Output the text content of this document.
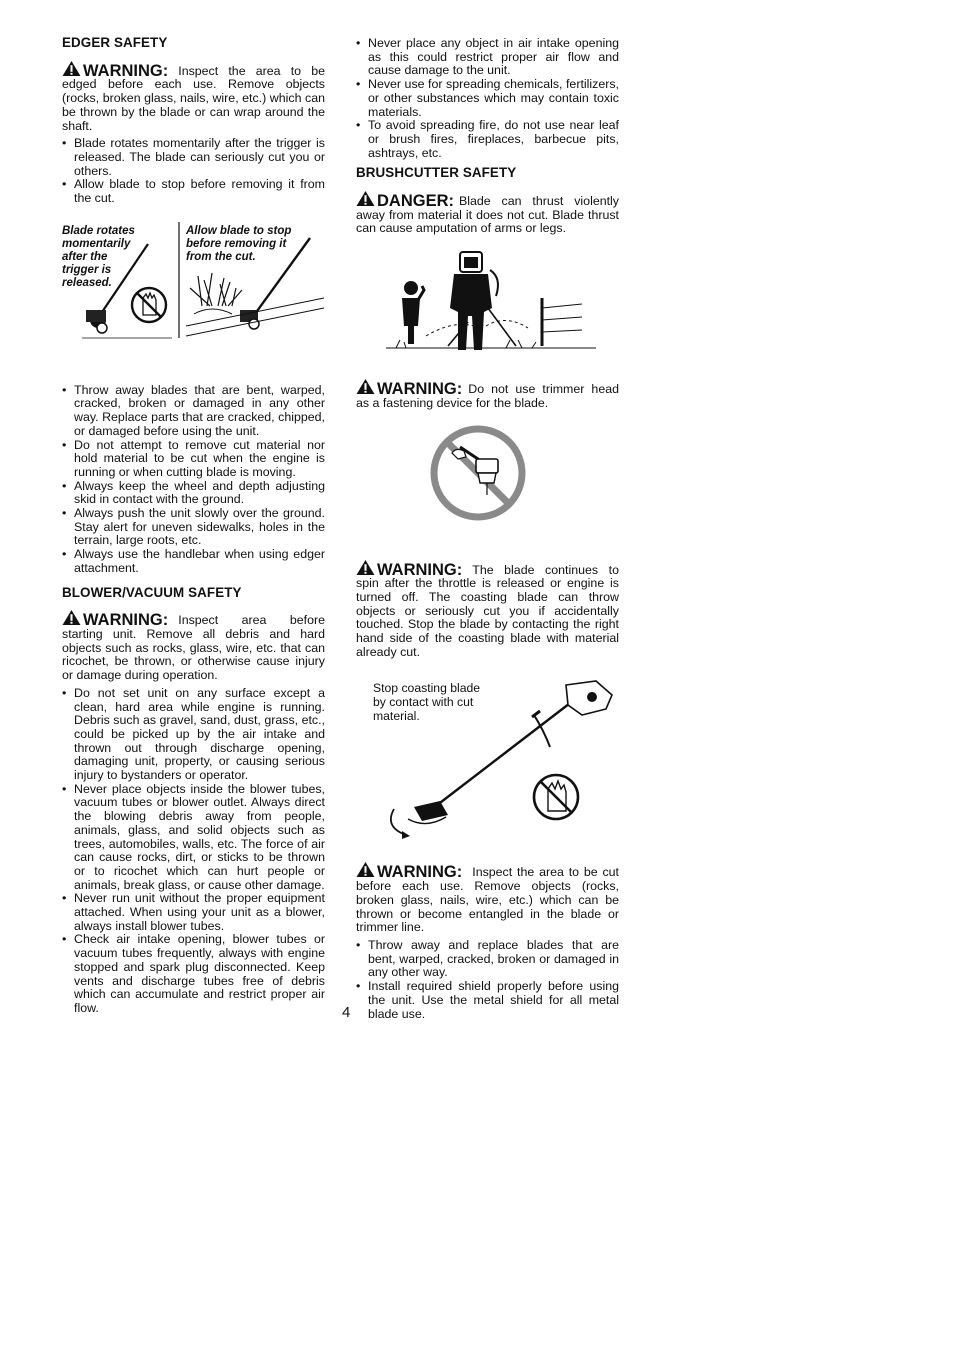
EDGER SAFETY

WARNING: Inspect the area to be edged before each use. Remove objects (rocks, broken glass, nails, wire, etc.) which can be thrown by the blade or can wrap around the shaft.

• Blade rotates momentarily after the trigger is released. The blade can seriously cut you or others.
• Allow blade to stop before removing it from the cut.
Blade rotates momentarily after the trigger is released.
Allow blade to stop before removing it from the cut.
• Throw away blades that are bent, warped, cracked, broken or damaged in any other way. Replace parts that are cracked, chipped, or damaged before using the unit.
• Do not attempt to remove cut material nor hold material to be cut when the engine is running or when cutting blade is moving.
• Always keep the wheel and depth adjusting skid in contact with the ground.
• Always push the unit slowly over the ground. Stay alert for uneven sidewalks, holes in the terrain, large roots, etc.
• Always use the handlebar when using edger attachment.
BLOWER/VACUUM SAFETY

WARNING: Inspect area before starting unit. Remove all debris and hard objects such as rocks, glass, wire, etc. that can ricochet, be thrown, or otherwise cause injury or damage during operation.

• Do not set unit on any surface except a clean, hard area while engine is running. Debris such as gravel, sand, dust, grass, etc., could be picked up by the air intake and thrown out through discharge opening, damaging unit, property, or causing serious injury to bystanders or operator.
• Never place objects inside the blower tubes, vacuum tubes or blower outlet. Always direct the blowing debris away from people, animals, glass, and solid objects such as trees, automobiles, walls, etc. The force of air can cause rocks, dirt, or sticks to be thrown or to ricochet which can hurt people or animals, break glass, or cause other damage.
• Never run unit without the proper equipment attached. When using your unit as a blower, always install blower tubes.
• Check air intake opening, blower tubes or vacuum tubes frequently, always with engine stopped and spark plug disconnected. Keep vents and discharge tubes free of debris which can accumulate and restrict proper air flow.
• Never place any object in air intake opening as this could restrict proper air flow and cause damage to the unit.
• Never use for spreading chemicals, fertilizers, or other substances which may contain toxic materials.
• To avoid spreading fire, do not use near leaf or brush fires, fireplaces, barbecue pits, ashtrays, etc.
BRUSHCUTTER SAFETY

DANGER: Blade can thrust violently away from material it does not cut. Blade thrust can cause amputation of arms or legs.

WARNING: Do not use trimmer head as a fastening device for the blade.

WARNING: The blade continues to spin after the throttle is released or engine is turned off. The coasting blade can throw objects or seriously cut you if accidentally touched. Stop the blade by contacting the right hand side of the coasting blade with material already cut.

Stop coasting blade by contact with cut material.

WARNING: Inspect the area to be cut before each use. Remove objects (rocks, broken glass, nails, wire, etc.) which can be thrown or become entangled in the blade or trimmer line.

• Throw away and replace blades that are bent, warped, cracked, broken or damaged in any other way.
• Install required shield properly before using the unit. Use the metal shield for all metal blade use.
4
